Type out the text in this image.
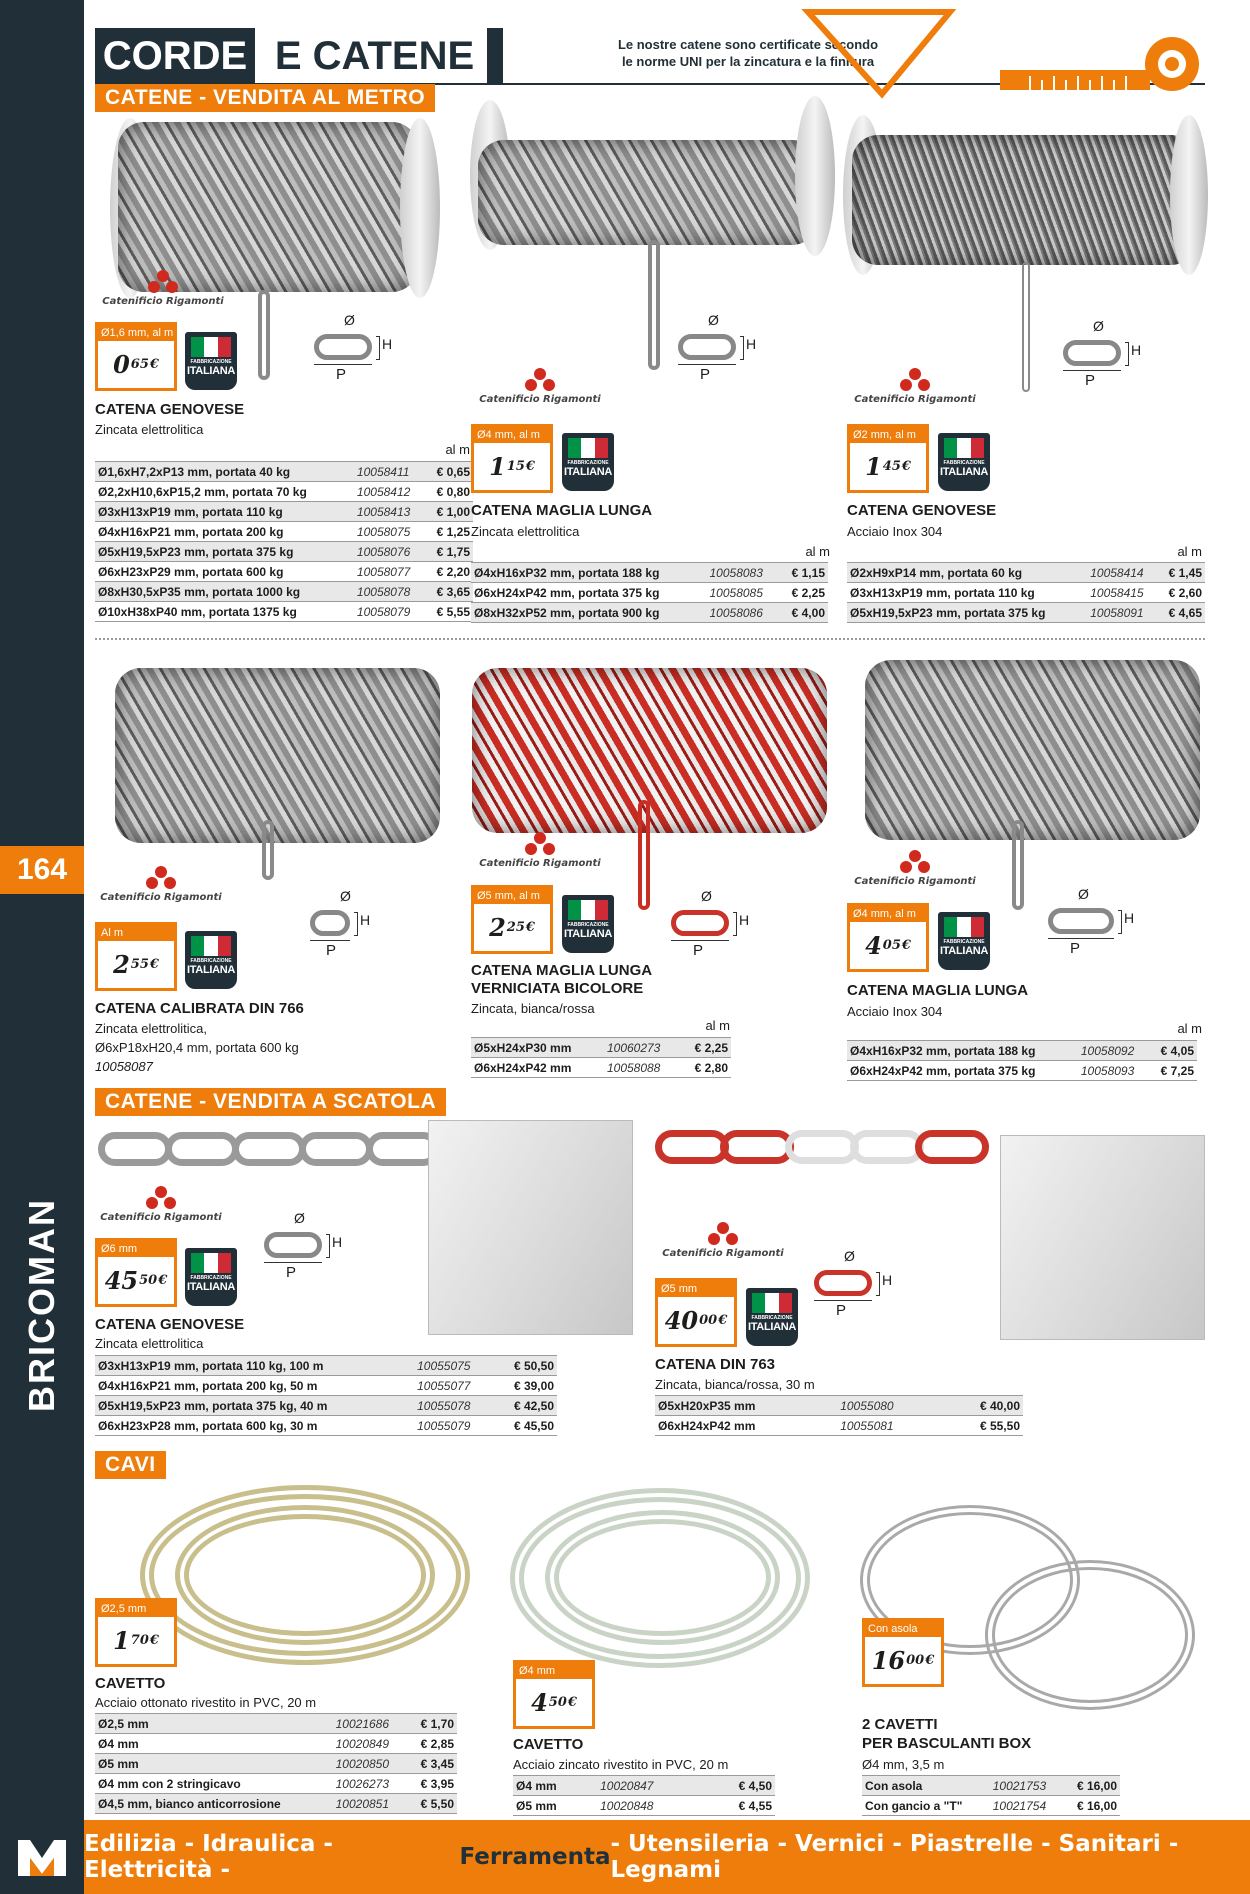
164
BRICOMAN
CORDE E CATENE	Le nostre catene sono certificate secondo
le norme UNI per la zincatura e la finitura
CATENE - VENDITA AL METRO
Catenificio Rigamonti
Ø1,6 mm, al m
0 65 €	FABBRICAZIONE
ITALIANA
Ø
H
P
CATENA GENOVESE
Zincata elettrolitica
al m
Ø1,6xH7,2xP13 mm, portata 40 kg	10058411	€ 0,65
Ø2,2xH10,6xP15,2 mm, portata 70 kg	10058412	€ 0,80
Ø3xH13xP19 mm, portata 110 kg	10058413	€ 1,00
Ø4xH16xP21 mm, portata 200 kg	10058075	€ 1,25
Ø5xH19,5xP23 mm, portata 375 kg	10058076	€ 1,75
Ø6xH23xP29 mm, portata 600 kg	10058077	€ 2,20
Ø8xH30,5xP35 mm, portata 1000 kg	10058078	€ 3,65
Ø10xH38xP40 mm, portata 1375 kg	10058079	€ 5,55
Catenificio Rigamonti
Ø4 mm, al m
1 15 €	FABBRICAZIONE
ITALIANA
Ø
H
P
CATENA MAGLIA LUNGA
Zincata elettrolitica
al m
Ø4xH16xP32 mm, portata 188 kg	10058083	€ 1,15
Ø6xH24xP42 mm, portata 375 kg	10058085	€ 2,25
Ø8xH32xP52 mm, portata 900 kg	10058086	€ 4,00
Catenificio Rigamonti
Ø2 mm, al m
1 45 €	FABBRICAZIONE
ITALIANA
Ø
H
P
CATENA GENOVESE
Acciaio Inox 304
al m
Ø2xH9xP14 mm, portata 60 kg	10058414	€ 1,45
Ø3xH13xP19 mm, portata 110 kg	10058415	€ 2,60
Ø5xH19,5xP23 mm, portata 375 kg	10058091	€ 4,65
Catenificio Rigamonti
Al m
2 55 €	FABBRICAZIONE
ITALIANA
Ø
H
P
CATENA CALIBRATA DIN 766
Zincata elettrolitica,
Ø6xP18xH20,4 mm, portata 600 kg
10058087
Catenificio Rigamonti
Ø5 mm, al m
2 25 €	FABBRICAZIONE
ITALIANA
Ø
H
P
CATENA MAGLIA LUNGA
VERNICIATA BICOLORE
Zincata, bianca/rossa
al m
Ø5xH24xP30 mm	10060273	€ 2,25
Ø6xH24xP42 mm	10058088	€ 2,80
Catenificio Rigamonti
Ø4 mm, al m
4 05 €	FABBRICAZIONE
ITALIANA
Ø
H
P
CATENA MAGLIA LUNGA
Acciaio Inox 304
al m
Ø4xH16xP32 mm, portata 188 kg	10058092	€ 4,05
Ø6xH24xP42 mm, portata 375 kg	10058093	€ 7,25
CATENE - VENDITA A SCATOLA
Catenificio Rigamonti
Ø6 mm
45 50 €	FABBRICAZIONE
ITALIANA
Ø
H
P
CATENA GENOVESE
Zincata elettrolitica
Ø3xH13xP19 mm, portata 110 kg, 100 m	10055075	€ 50,50
Ø4xH16xP21 mm, portata 200 kg, 50 m	10055077	€ 39,00
Ø5xH19,5xP23 mm, portata 375 kg, 40 m	10055078	€ 42,50
Ø6xH23xP28 mm, portata 600 kg, 30 m	10055079	€ 45,50
Catenificio Rigamonti
Ø5 mm
40 00 €	FABBRICAZIONE
ITALIANA
Ø
H
P
CATENA DIN 763
Zincata, bianca/rossa, 30 m
Ø5xH20xP35 mm	10055080	€ 40,00
Ø6xH24xP42 mm	10055081	€ 55,50
CAVI
Ø2,5 mm
1 70 €
CAVETTO
Acciaio ottonato rivestito in PVC, 20 m
Ø2,5 mm	10021686	€ 1,70
Ø4 mm	10020849	€ 2,85
Ø5 mm	10020850	€ 3,45
Ø4 mm con 2 stringicavo	10026273	€ 3,95
Ø4,5 mm, bianco anticorrosione	10020851	€ 5,50
Ø4 mm
4 50 €
CAVETTO
Acciaio zincato rivestito in PVC, 20 m
Ø4 mm	10020847	€ 4,50
Ø5 mm	10020848	€ 4,55
Con asola
16 00 €
2 CAVETTI
PER BASCULANTI BOX
Ø4 mm, 3,5 m
Con asola	10021753	€ 16,00
Con gancio a "T"	10021754	€ 16,00
Edilizia - Idraulica - Elettricità -	Ferramenta - Utensileria - Vernici - Piastrelle - Sanitari - Legnami
